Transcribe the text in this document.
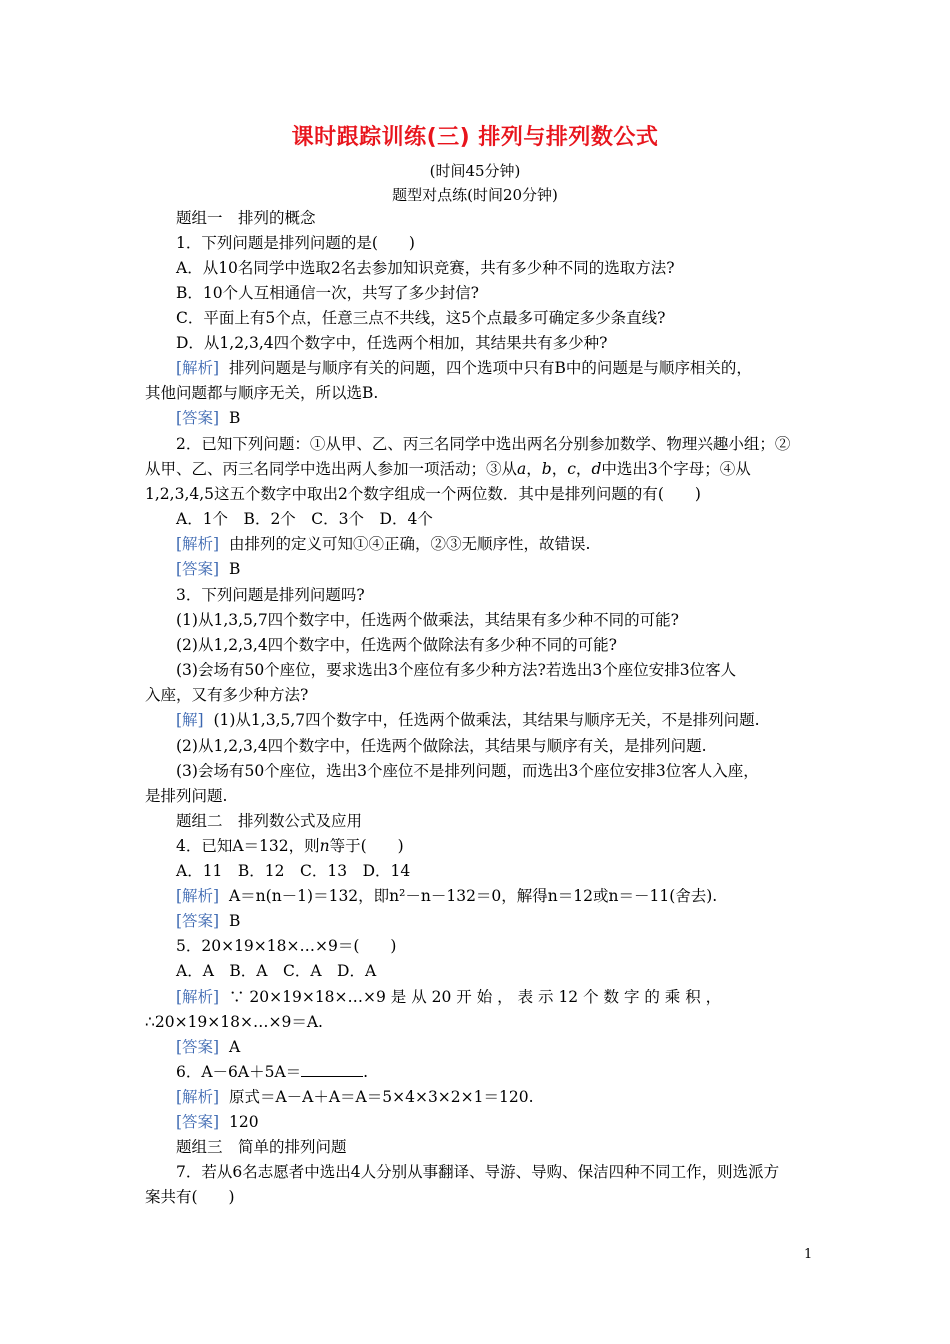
课时跟踪训练(三) 排列与排列数公式
(时间45分钟)
题型对点练(时间20分钟)
题组一　排列的概念
1．下列问题是排列问题的是(　　)
A．从10名同学中选取2名去参加知识竞赛，共有多少种不同的选取方法?
B．10个人互相通信一次，共写了多少封信?
C．平面上有5个点，任意三点不共线，这5个点最多可确定多少条直线?
D．从1,2,3,4四个数字中，任选两个相加，其结果共有多少种?
[解析] 排列问题是与顺序有关的问题，四个选项中只有B中的问题是与顺序相关的，
其他问题都与顺序无关，所以选B.
[答案] B
2．已知下列问题：①从甲、乙、丙三名同学中选出两名分别参加数学、物理兴趣小组；②
从甲、乙、丙三名同学中选出两人参加一项活动；③从a，b，c，d中选出3个字母；④从
1,2,3,4,5这五个数字中取出2个数字组成一个两位数．其中是排列问题的有(　　)
A．1个　B．2个　C．3个　D．4个
[解析] 由排列的定义可知①④正确，②③无顺序性，故错误.
[答案] B
3．下列问题是排列问题吗?
(1)从1,3,5,7四个数字中，任选两个做乘法，其结果有多少种不同的可能?
(2)从1,2,3,4四个数字中，任选两个做除法有多少种不同的可能?
(3)会场有50个座位，要求选出3个座位有多少种方法?若选出3个座位安排3位客人
入座，又有多少种方法?
[解] (1)从1,3,5,7四个数字中，任选两个做乘法，其结果与顺序无关，不是排列问题.
(2)从1,2,3,4四个数字中，任选两个做除法，其结果与顺序有关，是排列问题.
(3)会场有50个座位，选出3个座位不是排列问题，而选出3个座位安排3位客人入座，
是排列问题.
题组二　排列数公式及应用
4．已知A＝132，则n等于(　　)
A．11　B．12　C．13　D．14
[解析] A＝n(n－1)＝132，即n²－n－132＝0，解得n＝12或n＝－11(舍去).
[答案] B
5．20×19×18×…×9＝(　　)
A．A　B．A　C．A　D．A
[解析] ∵ 20×19×18×…×9 是 从 20 开 始 ， 表 示 12 个 数 字 的 乘 积 ，
∴20×19×18×…×9＝A.
[答案] A
6．A－6A＋5A＝	.
[解析] 原式＝A－A＋A＝A＝5×4×3×2×1＝120.
[答案] 120
题组三　简单的排列问题
7．若从6名志愿者中选出4人分别从事翻译、导游、导购、保洁四种不同工作，则选派方
案共有(　　)
1
